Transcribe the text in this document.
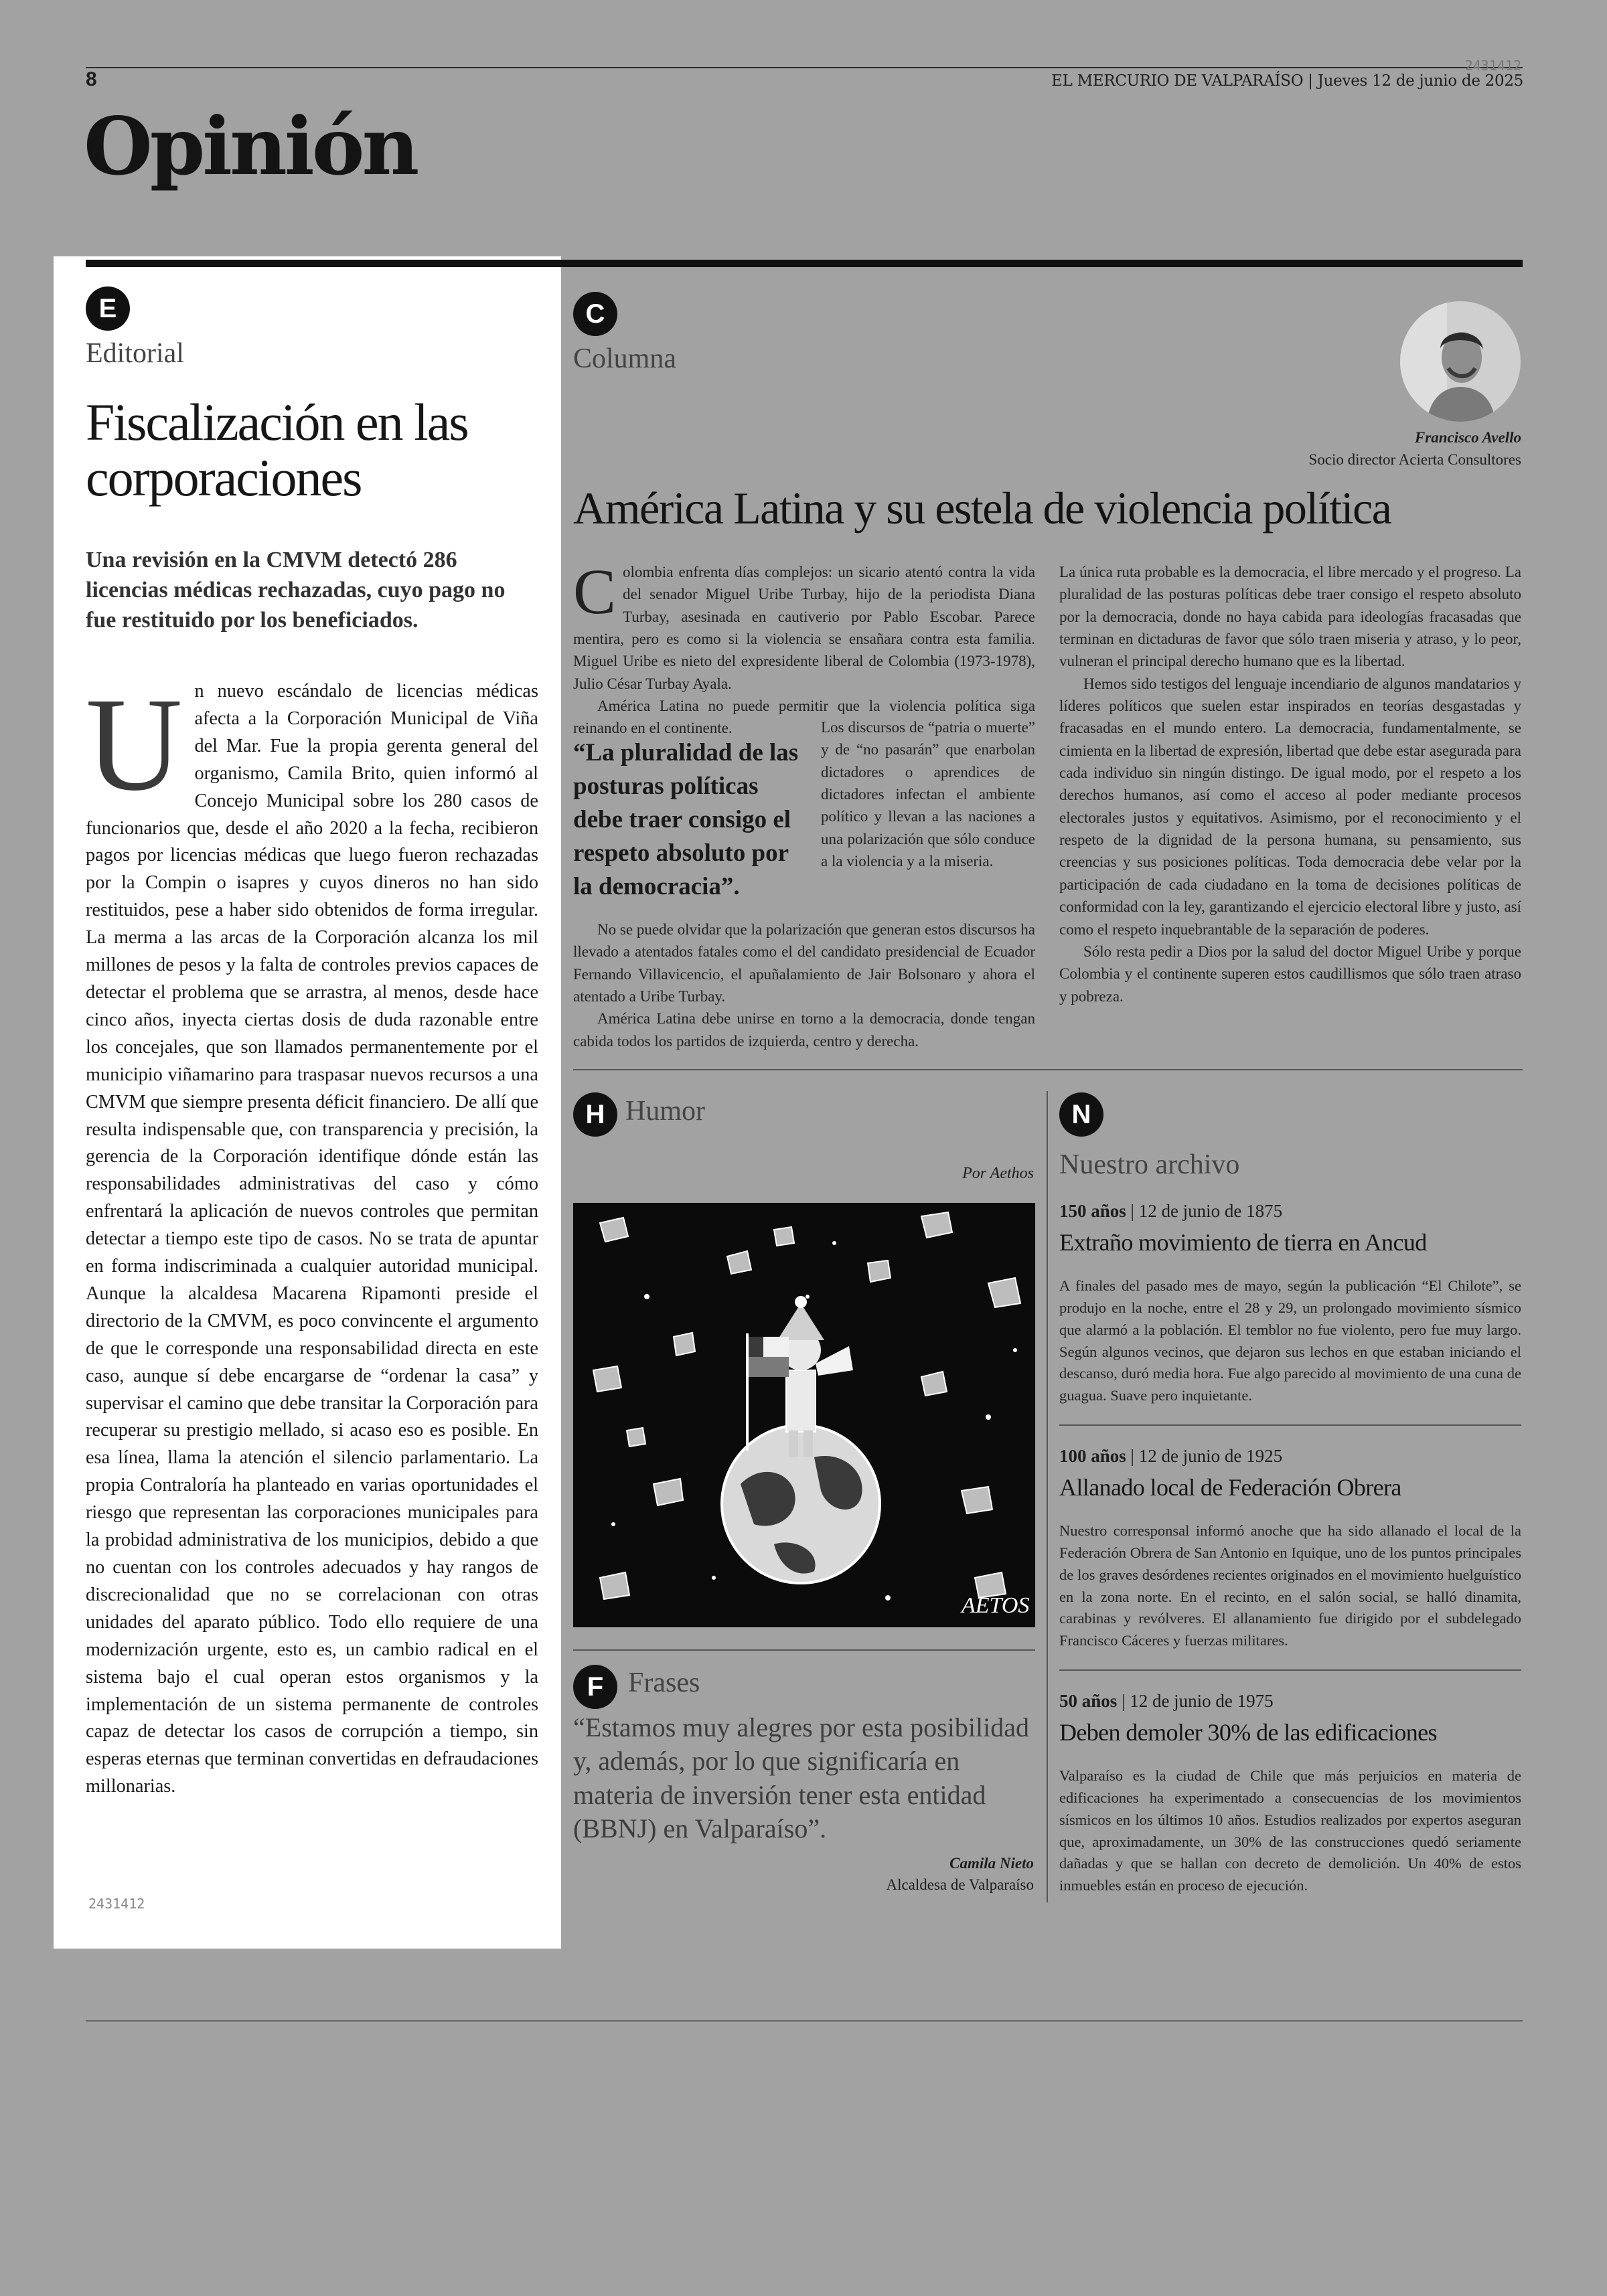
8
2431412
EL MERCURIO DE VALPARAÍSO | Jueves 12 de junio de 2025
Opinión
E
Editorial
Fiscalización en las corporaciones
Una revisión en la CMVM detectó 286 licencias médicas rechazadas, cuyo pago no fue restituido por los beneficiados.
Un nuevo escándalo de licencias médicas afecta a la Corporación Municipal de Viña del Mar. Fue la propia gerenta general del organismo, Camila Brito, quien informó al Concejo Municipal sobre los 280 casos de funcionarios que, desde el año 2020 a la fecha, recibieron pagos por licencias médicas que luego fueron rechazadas por la Compin o isapres y cuyos dineros no han sido restituidos, pese a haber sido obtenidos de forma irregular. La merma a las arcas de la Corporación alcanza los mil millones de pesos y la falta de controles previos capaces de detectar el problema que se arrastra, al menos, desde hace cinco años, inyecta ciertas dosis de duda razonable entre los concejales, que son llamados permanentemente por el municipio viñamarino para traspasar nuevos recursos a una CMVM que siempre presenta déficit financiero. De allí que resulta indispensable que, con transparencia y precisión, la gerencia de la Corporación identifique dónde están las responsabilidades administrativas del caso y cómo enfrentará la aplicación de nuevos controles que permitan detectar a tiempo este tipo de casos. No se trata de apuntar en forma indiscriminada a cualquier autoridad municipal. Aunque la alcaldesa Macarena Ripamonti preside el directorio de la CMVM, es poco convincente el argumento de que le corresponde una responsabilidad directa en este caso, aunque sí debe encargarse de “ordenar la casa” y supervisar el camino que debe transitar la Corporación para recuperar su prestigio mellado, si acaso eso es posible. En esa línea, llama la atención el silencio parlamentario. La propia Contraloría ha planteado en varias oportunidades el riesgo que representan las corporaciones municipales para la probidad administrativa de los municipios, debido a que no cuentan con los controles adecuados y hay rangos de discrecionalidad que no se correlacionan con otras unidades del aparato público. Todo ello requiere de una modernización urgente, esto es, un cambio radical en el sistema bajo el cual operan estos organismos y la implementación de un sistema permanente de controles capaz de detectar los casos de corrupción a tiempo, sin esperas eternas que terminan convertidas en defraudaciones millonarias.
2431412
C
Columna
Francisco Avello
Socio director Acierta Consultores
América Latina y su estela de violencia política

Colombia enfrenta días complejos: un sicario atentó contra la vida del senador Miguel Uribe Turbay, hijo de la periodista Diana Turbay, asesinada en cautiverio por Pablo Escobar. Parece mentira, pero es como si la violencia se ensañara contra esta familia. Miguel Uribe es nieto del expresidente liberal de Colombia (1973-1978), Julio César Turbay Ayala.

América Latina no puede permitir que la violencia política siga reinando en el continente.

“La pluralidad de las posturas políticas debe traer consigo el respeto absoluto por la democracia”.

Los discursos de “patria o muerte” y de “no pasarán” que enarbolan dictadores o aprendices de dictadores infectan el ambiente político y llevan a las naciones a una polarización que sólo conduce a la violencia y a la miseria.

No se puede olvidar que la polarización que generan estos discursos ha llevado a atentados fatales como el del candidato presidencial de Ecuador Fernando Villavicencio, el apuñalamiento de Jair Bolsonaro y ahora el atentado a Uribe Turbay.

América Latina debe unirse en torno a la democracia, donde tengan cabida todos los partidos de izquierda, centro y derecha.

La única ruta probable es la democracia, el libre mercado y el progreso. La pluralidad de las posturas políticas debe traer consigo el respeto absoluto por la democracia, donde no haya cabida para ideologías fracasadas que terminan en dictaduras de favor que sólo traen miseria y atraso, y lo peor, vulneran el principal derecho humano que es la libertad.

Hemos sido testigos del lenguaje incendiario de algunos mandatarios y líderes políticos que suelen estar inspirados en teorías desgastadas y fracasadas en el mundo entero. La democracia, fundamentalmente, se cimienta en la libertad de expresión, libertad que debe estar asegurada para cada individuo sin ningún distingo. De igual modo, por el respeto a los derechos humanos, así como el acceso al poder mediante procesos electorales justos y equitativos. Asimismo, por el reconocimiento y el respeto de la dignidad de la persona humana, su pensamiento, sus creencias y sus posiciones políticas. Toda democracia debe velar por la participación de cada ciudadano en la toma de decisiones políticas de conformidad con la ley, garantizando el ejercicio electoral libre y justo, así como el respeto inquebrantable de la separación de poderes.

Sólo resta pedir a Dios por la salud del doctor Miguel Uribe y porque Colombia y el continente superen estos caudillismos que sólo traen atraso y pobreza.

H Humor
Por Aethos
AETOS
F Frases
“Estamos muy alegres por esta posibilidad y, además, por lo que significaría en materia de inversión tener esta entidad (BBNJ) en Valparaíso”.
Camila Nieto
Alcaldesa de Valparaíso
N
Nuestro archivo
150 años | 12 de junio de 1875
Extraño movimiento de tierra en Ancud
A finales del pasado mes de mayo, según la publicación “El Chilote”, se produjo en la noche, entre el 28 y 29, un prolongado movimiento sísmico que alarmó a la población. El temblor no fue violento, pero fue muy largo. Según algunos vecinos, que dejaron sus lechos en que estaban iniciando el descanso, duró media hora. Fue algo parecido al movimiento de una cuna de guagua. Suave pero inquietante.
100 años | 12 de junio de 1925
Allanado local de Federación Obrera
Nuestro corresponsal informó anoche que ha sido allanado el local de la Federación Obrera de San Antonio en Iquique, uno de los puntos principales de los graves desórdenes recientes originados en el movimiento huelguístico en la zona norte. En el recinto, en el salón social, se halló dinamita, carabinas y revólveres. El allanamiento fue dirigido por el subdelegado Francisco Cáceres y fuerzas militares.
50 años | 12 de junio de 1975
Deben demoler 30% de las edificaciones
Valparaíso es la ciudad de Chile que más perjuicios en materia de edificaciones ha experimentado a consecuencias de los movimientos sísmicos en los últimos 10 años. Estudios realizados por expertos aseguran que, aproximadamente, un 30% de las construcciones quedó seriamente dañadas y que se hallan con decreto de demolición. Un 40% de estos inmuebles están en proceso de ejecución.
